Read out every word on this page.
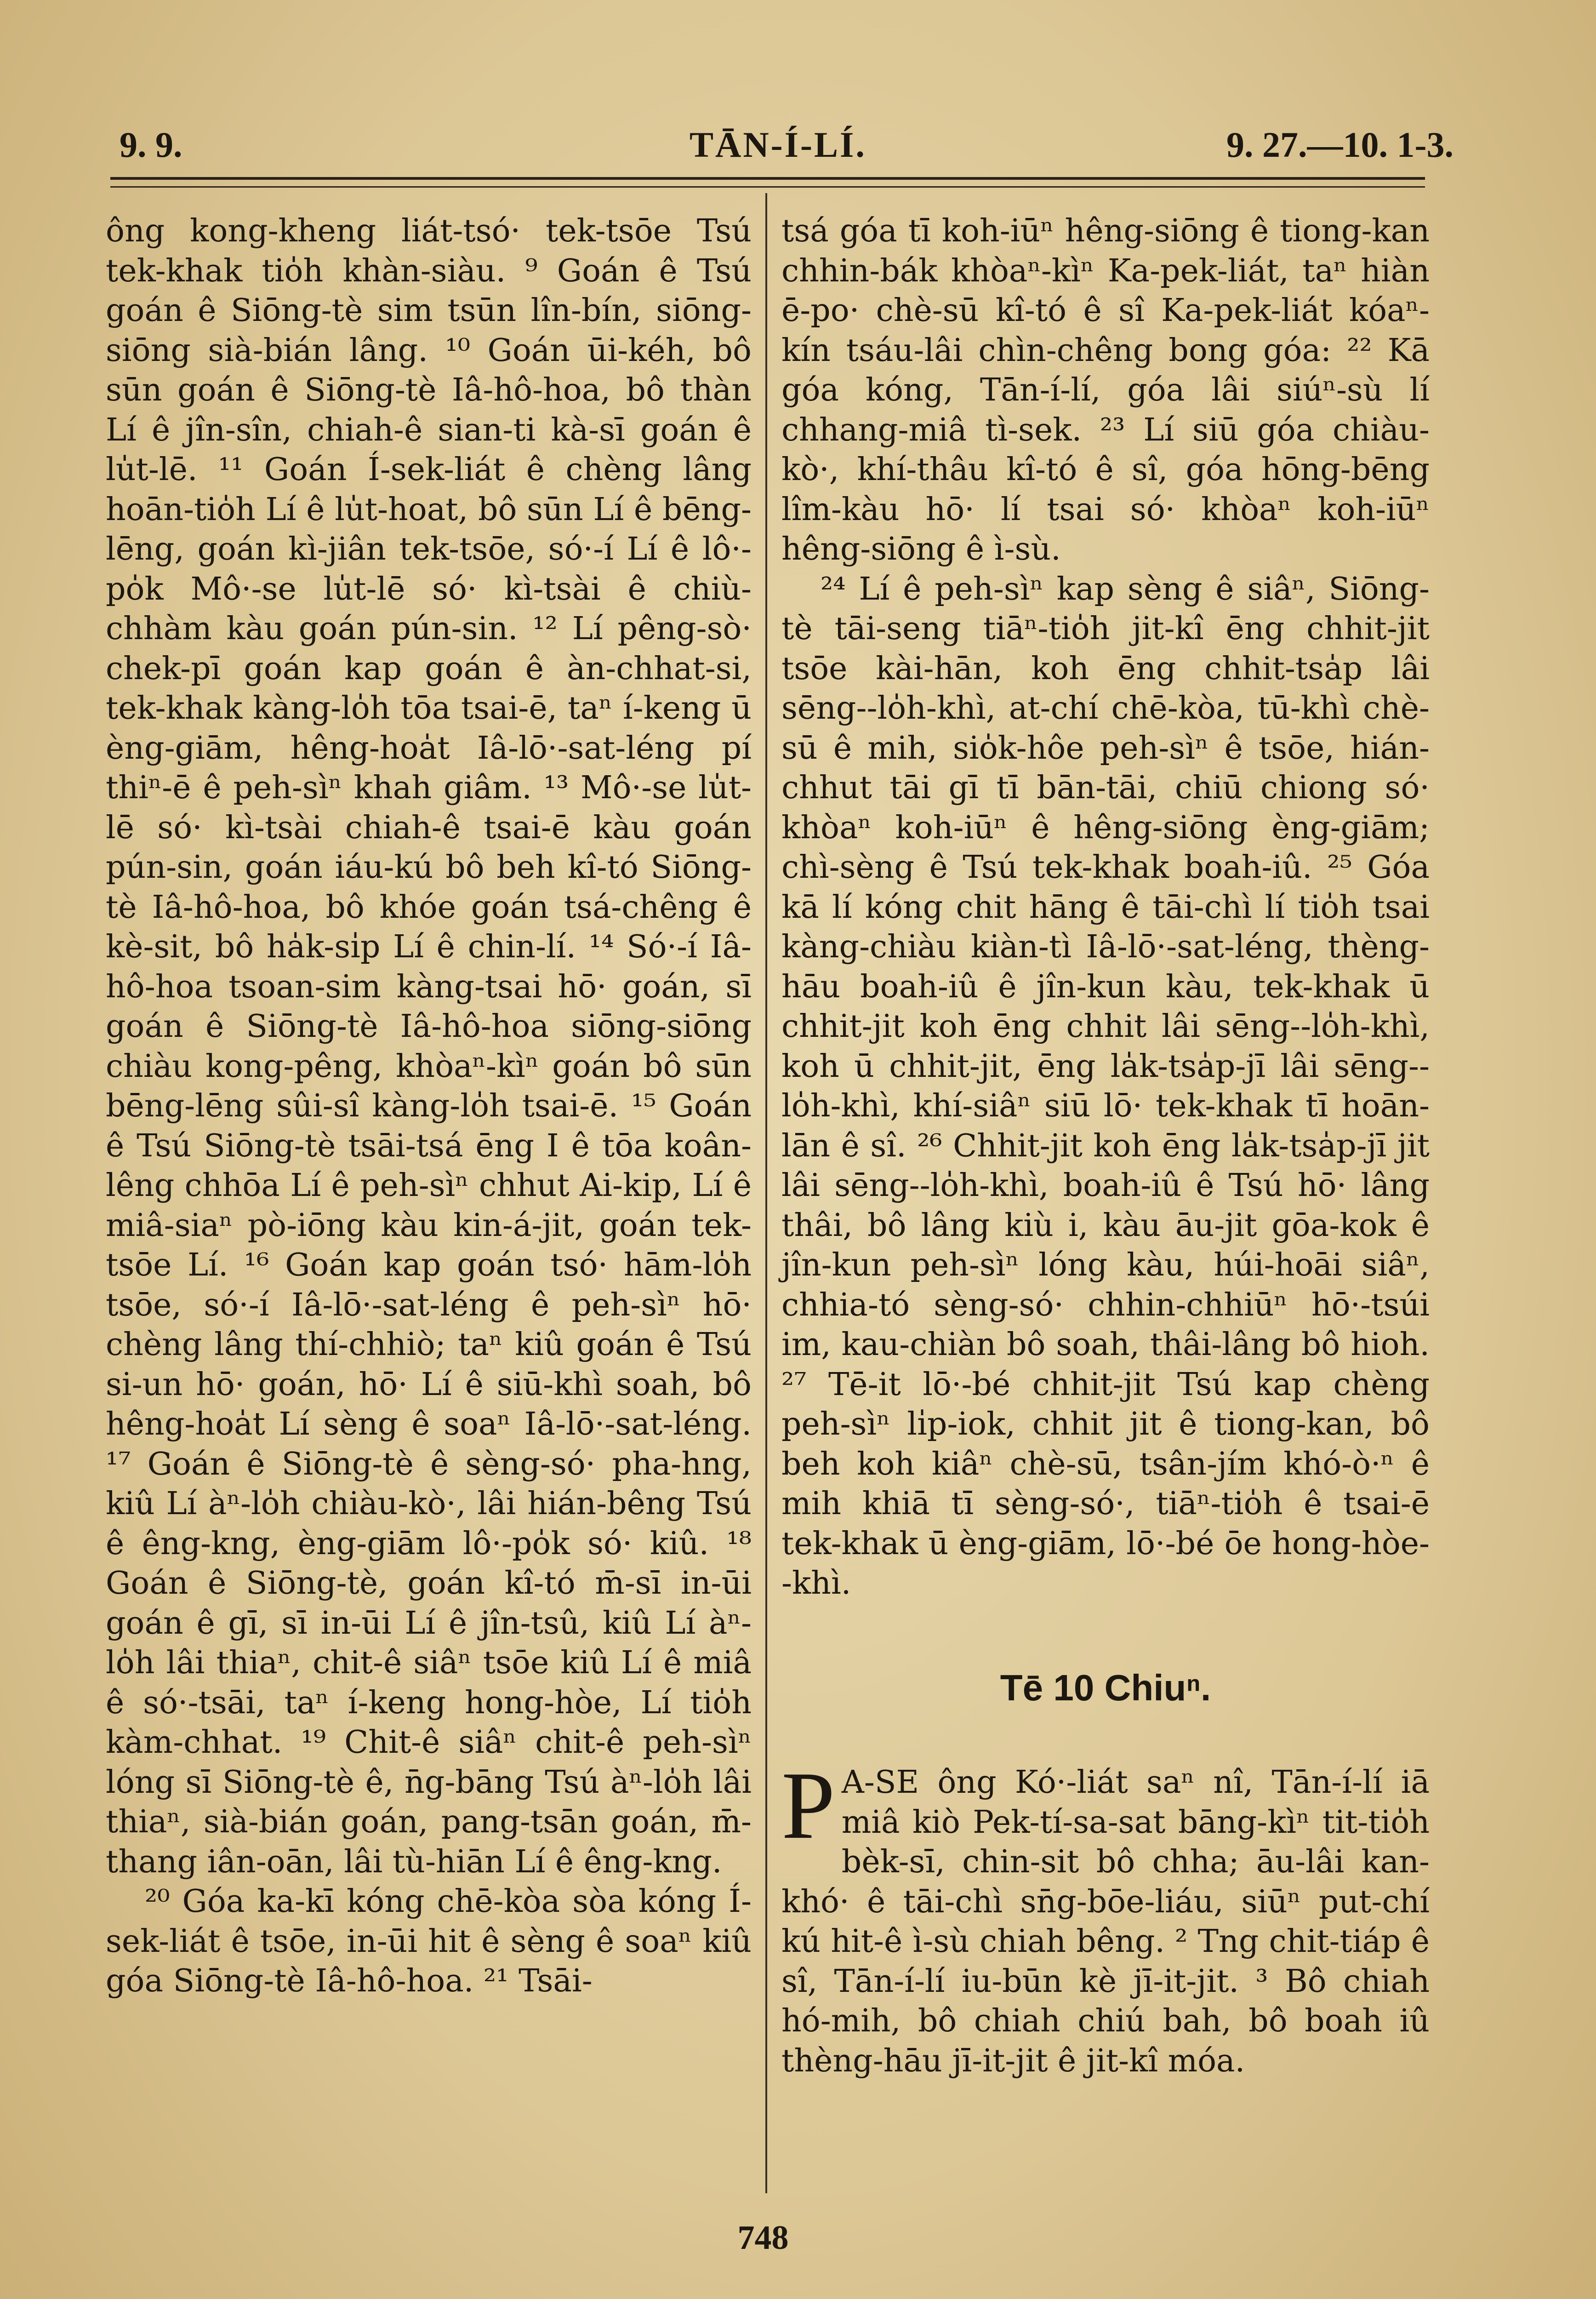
9. 9.	TĀN-Í-LÍ.	9. 27.—10. 1-3.

ông kong-kheng liát-tsó· tek-tsōe Tsú tek-khak tio̍h khàn-siàu. ⁹ Goán ê Tsú goán ê Siōng-tè sim tsūn lîn-bín, siōng-siōng sià-bián lâng. ¹⁰ Goán ūi-kéh, bô sūn goán ê Siōng-tè Iâ-hô-hoa, bô thàn Lí ê jîn-sîn, chiah-ê sian-ti kà-sī goán ê lu̍t-lē. ¹¹ Goán Í-sek-liát ê chèng lâng hoān-tio̍h Lí ê lu̍t-hoat, bô sūn Lí ê bēng-lēng, goán kì-jiân tek-tsōe, só·-í Lí ê lô·-po̍k Mô·-se lu̍t-lē só· kì-tsài ê chiù-chhàm kàu goán pún-sin. ¹² Lí pêng-sò· chek-pī goán kap goán ê àn-chhat-si, tek-khak kàng-lo̍h tōa tsai-ē, taⁿ í-keng ū èng-giām, hêng-hoa̍t Iâ-lō·-sat-léng pí thiⁿ-ē ê peh-sìⁿ khah giâm. ¹³ Mô·-se lu̍t-lē só· kì-tsài chiah-ê tsai-ē kàu goán pún-sin, goán iáu-kú bô beh kî-tó Siōng-tè Iâ-hô-hoa, bô khóe goán tsá-chêng ê kè-sit, bô ha̍k-si̍p Lí ê chin-lí. ¹⁴ Só·-í Iâ-hô-hoa tsoan-sim kàng-tsai hō· goán, sī goán ê Siōng-tè Iâ-hô-hoa siōng-siōng chiàu kong-pêng, khòaⁿ-kìⁿ goán bô sūn bēng-lēng sûi-sî kàng-lo̍h tsai-ē. ¹⁵ Goán ê Tsú Siōng-tè tsāi-tsá ēng I ê tōa koân-lêng chhōa Lí ê peh-sìⁿ chhut Ai-kip, Lí ê miâ-siaⁿ pò-iōng kàu kin-á-jit, goán tek-tsōe Lí. ¹⁶ Goán kap goán tsó· hām-lo̍h tsōe, só·-í Iâ-lō·-sat-léng ê peh-sìⁿ hō· chèng lâng thí-chhiò; taⁿ kiû goán ê Tsú si-un hō· goán, hō· Lí ê siū-khì soah, bô hêng-hoa̍t Lí sèng ê soaⁿ Iâ-lō·-sat-léng. ¹⁷ Goán ê Siōng-tè ê sèng-só· pha-hng, kiû Lí àⁿ-lo̍h chiàu-kò·, lâi hián-bêng Tsú ê êng-kng, èng-giām lô·-po̍k só· kiû. ¹⁸ Goán ê Siōng-tè, goán kî-tó m̄-sī in-ūi goán ê gī, sī in-ūi Lí ê jîn-tsû, kiû Lí àⁿ-lo̍h lâi thiaⁿ, chit-ê siâⁿ tsōe kiû Lí ê miâ ê só·-tsāi, taⁿ í-keng hong-hòe, Lí tio̍h kàm-chhat. ¹⁹ Chit-ê siâⁿ chit-ê peh-sìⁿ lóng sī Siōng-tè ê, n̄g-bāng Tsú àⁿ-lo̍h lâi thiaⁿ, sià-bián goán, pang-tsān goán, m̄-thang iân-oān, lâi tù-hiān Lí ê êng-kng.

²⁰ Góa ka-kī kóng chē-kòa sòa kóng Í-sek-liát ê tsōe, in-ūi hit ê sèng ê soaⁿ kiû góa Siōng-tè Iâ-hô-hoa. ²¹ Tsāi-

tsá góa tī koh-iūⁿ hêng-siōng ê tiong-kan chhin-bák khòaⁿ-kìⁿ Ka-pek-liát, taⁿ hiàn ē-po· chè-sū kî-tó ê sî Ka-pek-liát kóaⁿ-kín tsáu-lâi chìn-chêng bong góa: ²² Kā góa kóng, Tān-í-lí, góa lâi siúⁿ-sù lí chhang-miâ tì-sek. ²³ Lí siū góa chiàu-kò·, khí-thâu kî-tó ê sî, góa hōng-bēng lîm-kàu hō· lí tsai só· khòaⁿ koh-iūⁿ hêng-siōng ê ì-sù.

²⁴ Lí ê peh-sìⁿ kap sèng ê siâⁿ, Siōng-tè tāi-seng tiāⁿ-tio̍h jit-kî ēng chhit-jit tsōe kài-hān, koh ēng chhit-tsa̍p lâi sēng--lo̍h-khì, at-chí chē-kòa, tū-khì chè-sū ê mih, sio̍k-hôe peh-sìⁿ ê tsōe, hián-chhut tāi gī tī bān-tāi, chiū chiong só· khòaⁿ koh-iūⁿ ê hêng-siōng èng-giām; chì-sèng ê Tsú tek-khak boah-iû. ²⁵ Góa kā lí kóng chit hāng ê tāi-chì lí tio̍h tsai kàng-chiàu kiàn-tì Iâ-lō·-sat-léng, thèng-hāu boah-iû ê jîn-kun kàu, tek-khak ū chhit-jit koh ēng chhit lâi sēng--lo̍h-khì, koh ū chhit-jit, ēng la̍k-tsa̍p-jī lâi sēng--lo̍h-khì, khí-siâⁿ siū lō· tek-khak tī hoān-lān ê sî. ²⁶ Chhit-jit koh ēng la̍k-tsa̍p-jī jit lâi sēng--lo̍h-khì, boah-iû ê Tsú hō· lâng thâi, bô lâng kiù i, kàu āu-jit gōa-kok ê jîn-kun peh-sìⁿ lóng kàu, húi-hoāi siâⁿ, chhia-tó sèng-só· chhin-chhiūⁿ hō·-tsúi im, kau-chiàn bô soah, thâi-lâng bô hioh. ²⁷ Tē-it lō·-bé chhit-jit Tsú kap chèng peh-sìⁿ li̍p-iok, chhit jit ê tiong-kan, bô beh koh kiâⁿ chè-sū, tsân-jím khó-ò·ⁿ ê mih khiā tī sèng-só·, tiāⁿ-tio̍h ê tsai-ē tek-khak ū èng-giām, lō·-bé ōe hong-hòe--khì.

Tē 10 Chiuⁿ.

P A-SE ông Kó·-liát saⁿ nî, Tān-í-lí iā miâ kiò Pek-tí-sa-sat bāng-kìⁿ tit-tio̍h bèk-sī, chin-sit bô chha; āu-lâi kan-khó· ê tāi-chì sn̄g-bōe-liáu, siūⁿ put-chí kú hit-ê ì-sù chiah bêng. ² Tng chit-tiáp ê sî, Tān-í-lí iu-būn kè jī-it-jit. ³ Bô chiah hó-mih, bô chiah chiú bah, bô boah iû thèng-hāu jī-it-jit ê jit-kî móa.

748
